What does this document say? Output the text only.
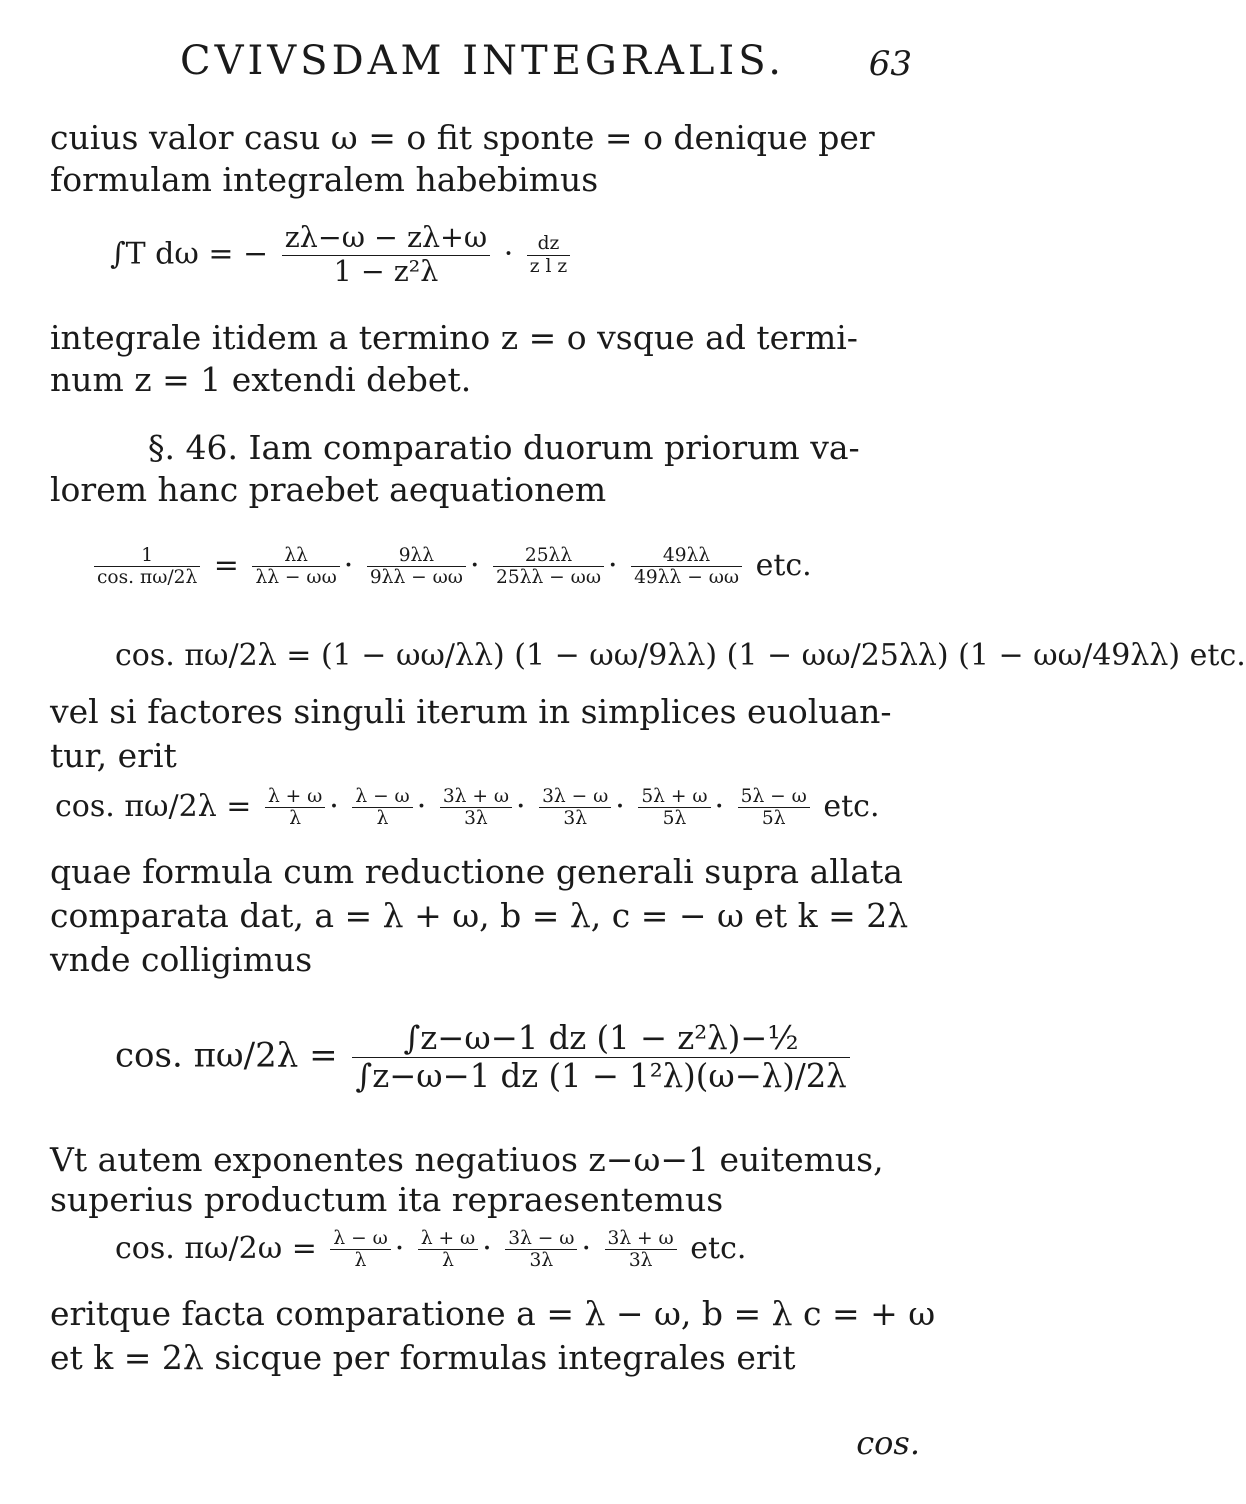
CVIVSDAM INTEGRALIS. 63
cuius valor casu ω = o fit sponte = o denique per
formulam integralem habebimus
∫T dω = − $\frac{z\lambda-\omega - z\lambda+\omega}{\text{1 − z²λ}} \cdot \frac{dz}{\text{z l z}}$
integrale itidem a termino z = o vsque ad termi-
num z = 1 extendi debet.
§. 46. Iam comparatio duorum priorum va-
lorem hanc praebet aequationem
$\frac{1}{\cos. \pi\omega/2\lambda} = \frac{\lambda\lambda}{\lambda\lambda - \omega\omega} \cdot \frac{9\lambda\lambda}{9\lambda\lambda - \omega\omega} \cdot \frac{25\lambda\lambda}{25\lambda\lambda - \omega\omega} \cdot \frac{49\lambda\lambda}{49\lambda\lambda - \omega\omega}$ etc.
cos. πω/2λ = (1 − ωω/λλ) (1 − ωω/9λλ) (1 − ωω/25λλ) (1 − ωω/49λλ) etc.
vel si factores singuli iterum in simplices euoluan-
tur, erit
cos. $\pi\omega/2\lambda = \frac{\lambda + \omega}{\lambda} \cdot \frac{\lambda - \omega}{\lambda} \cdot \frac{3\lambda + \omega}{3\lambda} \cdot \frac{3\lambda - \omega}{3\lambda} \cdot \frac{5\lambda + \omega}{5\lambda} \cdot \frac{5\lambda - \omega}{5\lambda}$ etc.
quae formula cum reductione generali supra allata
comparata dat, a = λ + ω, b = λ, c = − ω et k = 2λ
vnde colligimus
cos. $\pi\omega/2\lambda = \frac{\text{∫z−ω−1 dz (1 − z²λ)−½}}{\text{∫z−ω−1 dz (1 − 1²λ)(ω−λ)/2λ}}$
Vt autem exponentes negatiuos z−ω−1 euitemus,
superius productum ita repraesentemus
cos. $\pi\omega/2\omega = \frac{\lambda - \omega}{\lambda} \cdot \frac{\lambda + \omega}{\lambda} \cdot \frac{3\lambda - \omega}{3\lambda} \cdot \frac{3\lambda + \omega}{3\lambda}$ etc.
eritque facta comparatione a = λ − ω, b = λ c = + ω
et k = 2λ sicque per formulas integrales erit
cos.
